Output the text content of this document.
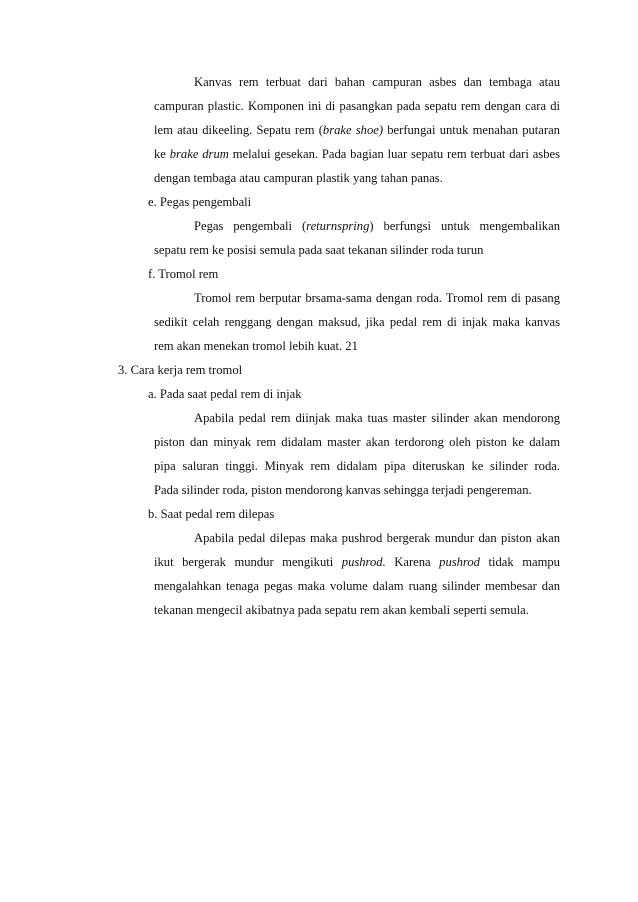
Kanvas rem terbuat dari bahan campuran asbes dan tembaga atau
campuran plastic. Komponen ini di pasangkan pada sepatu rem dengan cara di
lem atau dikeeling. Sepatu rem (brake shoe) berfungai untuk menahan putaran
ke brake drum melalui gesekan. Pada bagian luar sepatu rem terbuat dari asbes
dengan tembaga atau campuran plastik yang tahan panas.
e. Pegas pengembali
Pegas pengembali (returnspring) berfungsi untuk mengembalikan
sepatu rem ke posisi semula pada saat tekanan silinder roda turun
f. Tromol rem
Tromol rem berputar brsama-sama dengan roda. Tromol rem di pasang
sedikit celah renggang dengan maksud, jika pedal rem di injak maka kanvas
rem akan menekan tromol lebih kuat. 21
3. Cara kerja rem tromol
a. Pada saat pedal rem di injak
Apabila pedal rem diinjak maka tuas master silinder akan mendorong
piston dan minyak rem didalam master akan terdorong oleh piston ke dalam
pipa saluran tinggi. Minyak rem didalam pipa diteruskan ke silinder roda.
Pada silinder roda, piston mendorong kanvas sehingga terjadi pengereman.
b. Saat pedal rem dilepas
Apabila pedal dilepas maka pushrod bergerak mundur dan piston akan
ikut bergerak mundur mengikuti pushrod. Karena pushrod tidak mampu
mengalahkan tenaga pegas maka volume dalam ruang silinder membesar dan
tekanan mengecil akibatnya pada sepatu rem akan kembali seperti semula.
